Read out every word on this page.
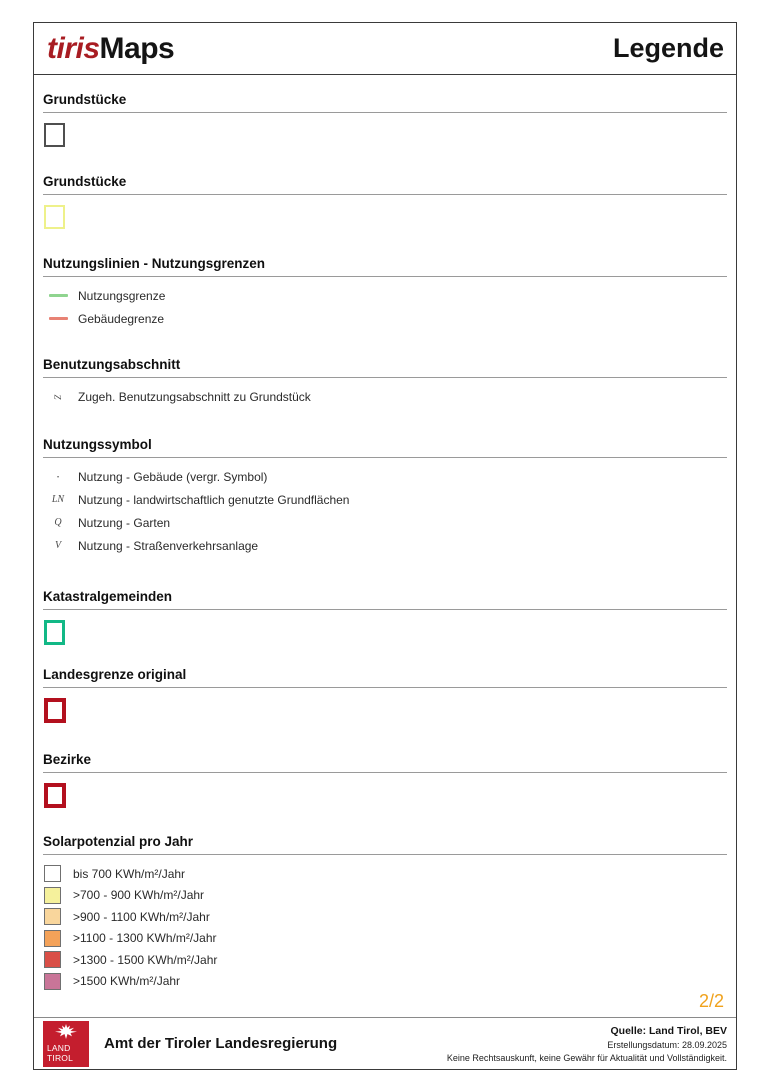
tirisMaps	Legende
Grundstücke
Grundstücke
Nutzungslinien - Nutzungsgrenzen
Nutzungsgrenze
Gebäudegrenze
Benutzungsabschnitt
Z Zugeh. Benutzungsabschnitt zu Grundstück
Nutzungssymbol
· Nutzung - Gebäude (vergr. Symbol)
LN Nutzung - landwirtschaftlich genutzte Grundflächen
Q Nutzung - Garten
V Nutzung - Straßenverkehrsanlage
Katastralgemeinden
Landesgrenze original
Bezirke
Solarpotenzial pro Jahr
bis 700 KWh/m²/Jahr
>700 - 900 KWh/m²/Jahr
>900 - 1100 KWh/m²/Jahr
>1100 - 1300 KWh/m²/Jahr
>1300 - 1500 KWh/m²/Jahr
>1500 KWh/m²/Jahr
2/2
LAND
TIROL
Amt der Tiroler Landesregierung
Quelle: Land Tirol, BEV
Erstellungsdatum: 28.09.2025
Keine Rechtsauskunft, keine Gewähr für Aktualität und Vollständigkeit.
